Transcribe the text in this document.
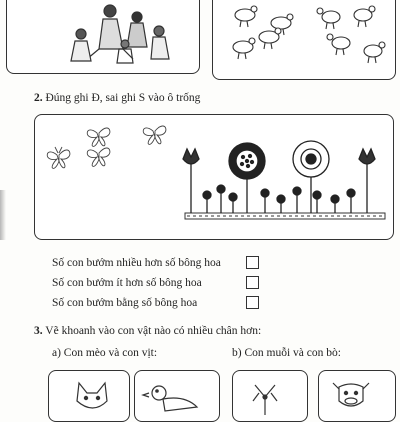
2. Đúng ghi Đ, sai ghi S vào ô trống
Số con bướm nhiều hơn số bông hoa
Số con bướm ít hơn số bông hoa
Số con bướm bằng số bông hoa
3. Vẽ khoanh vào con vật nào có nhiều chân hơn:
a) Con mèo và con vịt:	b) Con muỗi và con bò:
